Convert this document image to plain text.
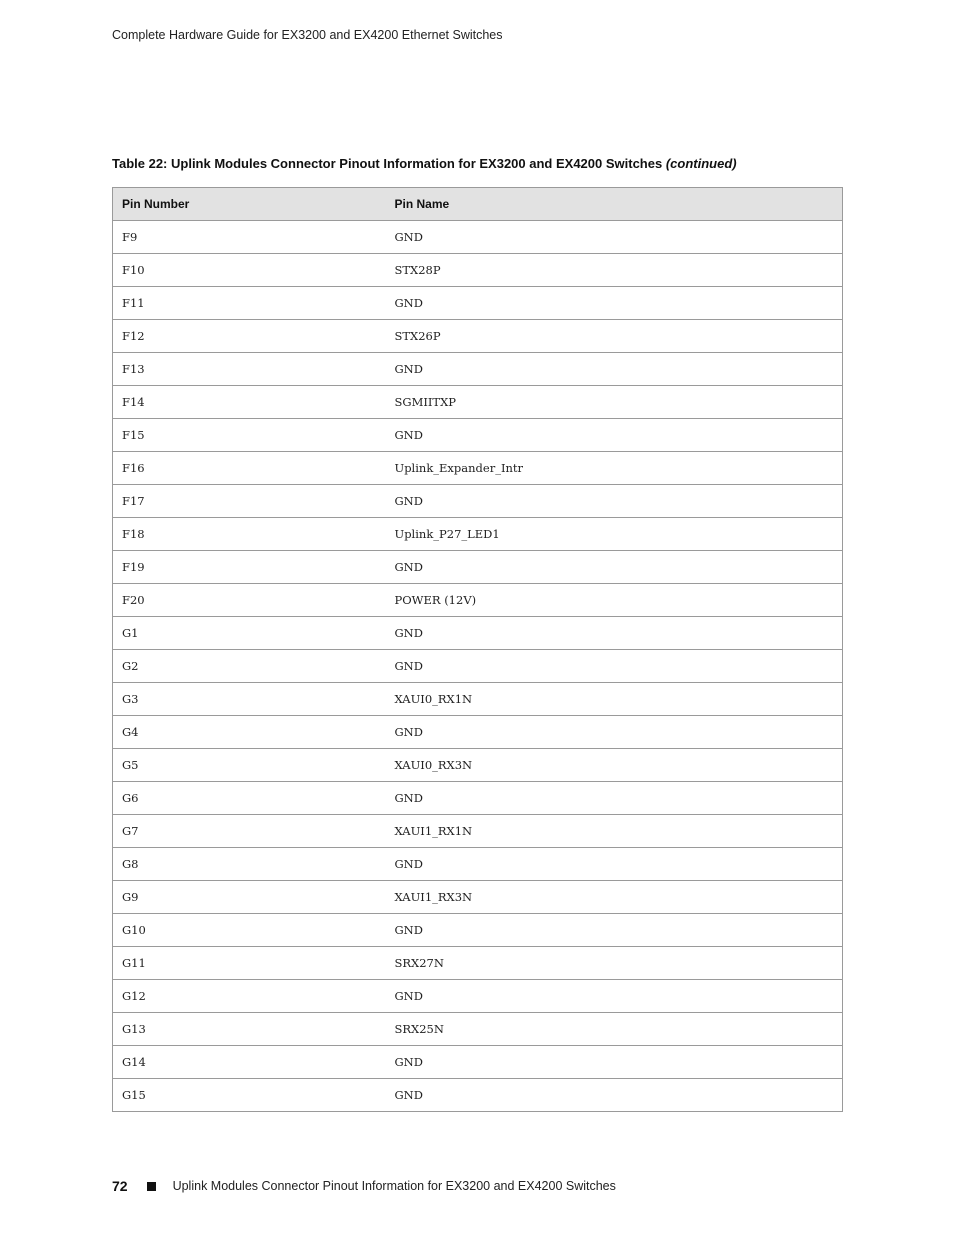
Complete Hardware Guide for EX3200 and EX4200 Ethernet Switches
Table 22: Uplink Modules Connector Pinout Information for EX3200 and EX4200 Switches (continued)
Pin Number	Pin Name
F9	GND
F10	STX28P
F11	GND
F12	STX26P
F13	GND
F14	SGMIITXP
F15	GND
F16	Uplink_Expander_Intr
F17	GND
F18	Uplink_P27_LED1
F19	GND
F20	POWER (12V)
G1	GND
G2	GND
G3	XAUI0_RX1N
G4	GND
G5	XAUI0_RX3N
G6	GND
G7	XAUI1_RX1N
G8	GND
G9	XAUI1_RX3N
G10	GND
G11	SRX27N
G12	GND
G13	SRX25N
G14	GND
G15	GND
72	Uplink Modules Connector Pinout Information for EX3200 and EX4200 Switches
